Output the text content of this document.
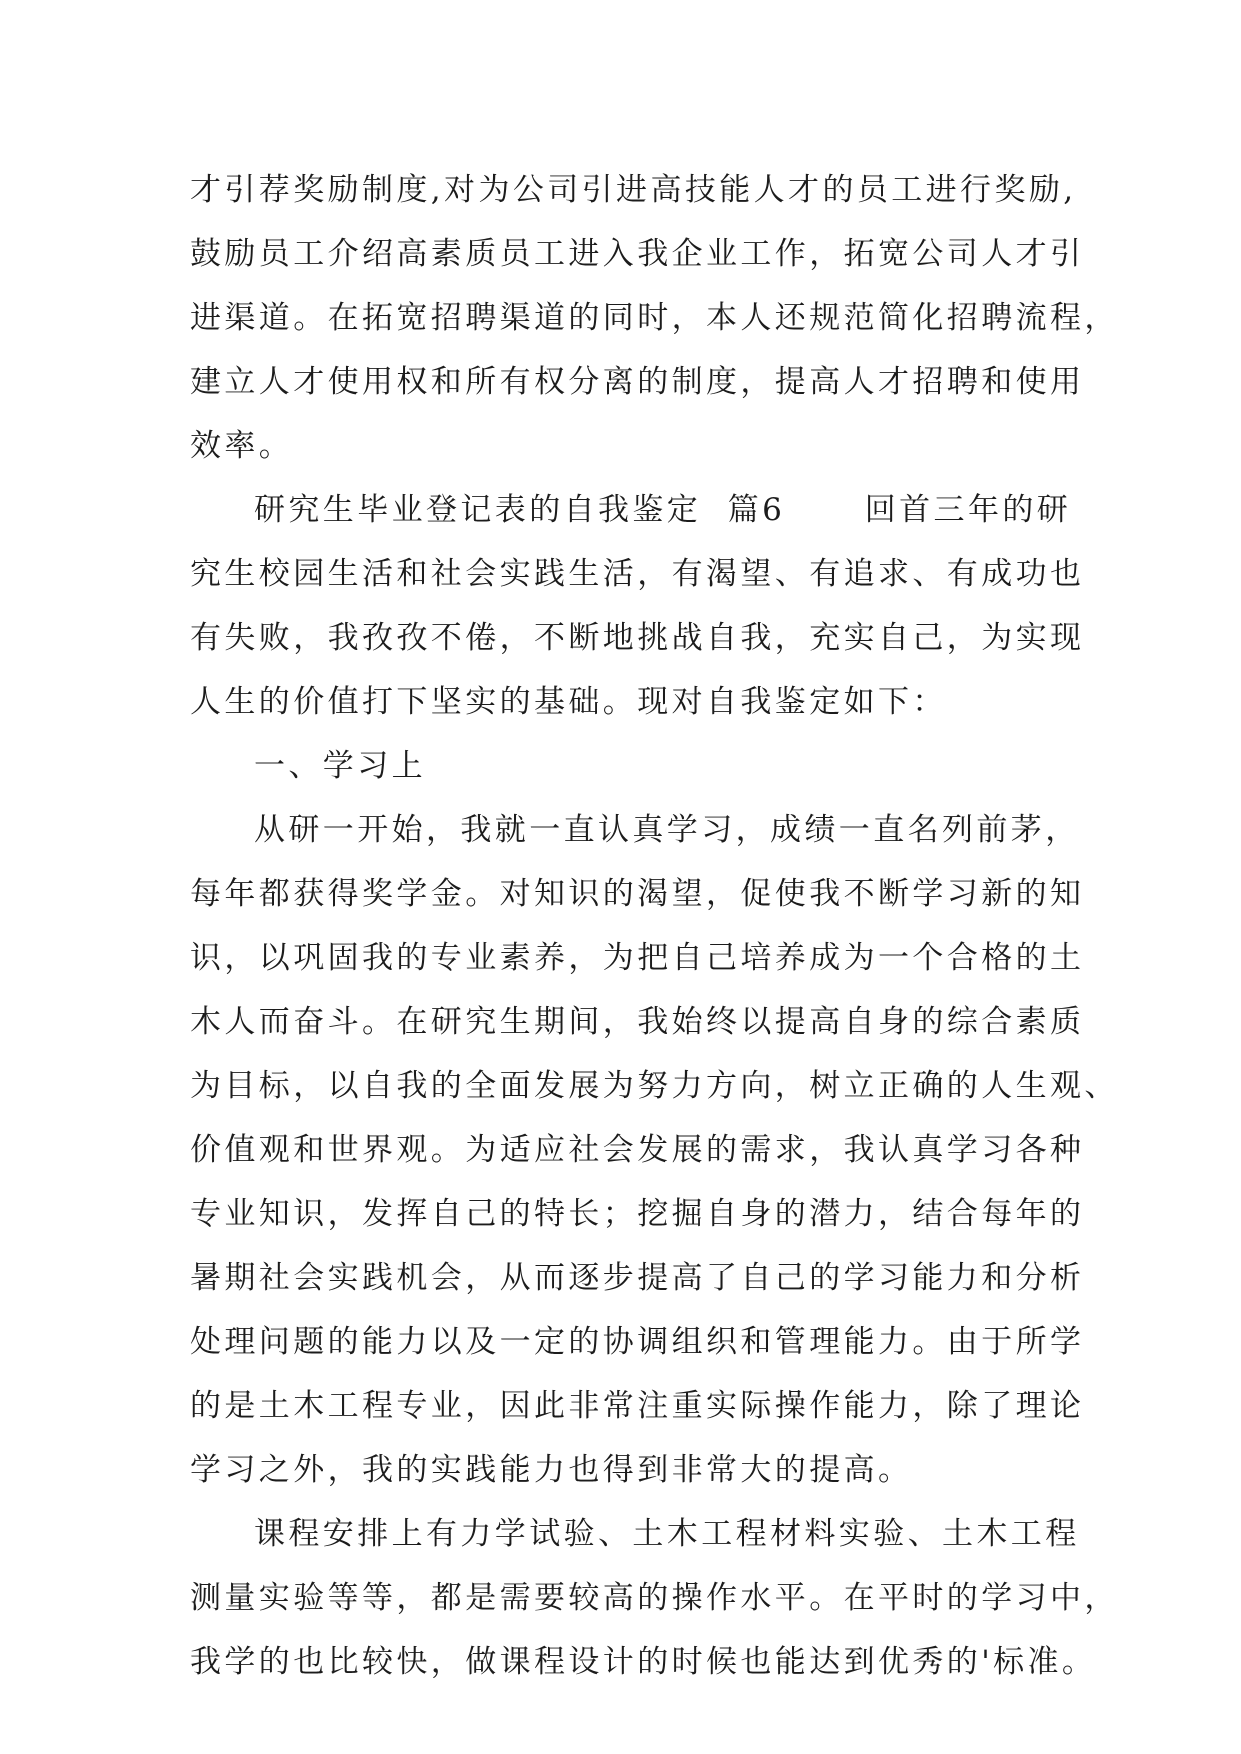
才引荐奖励制度,对为公司引进高技能人才的员工进行奖励,
鼓励员工介绍高素质员工进入我企业工作，拓宽公司人才引
进渠道。在拓宽招聘渠道的同时，本人还规范简化招聘流程，
建立人才使用权和所有权分离的制度，提高人才招聘和使用
效率。
研究生毕业登记表的自我鉴定  篇6      回首三年的研
究生校园生活和社会实践生活，有渴望、有追求、有成功也
有失败，我孜孜不倦，不断地挑战自我，充实自己，为实现
人生的价值打下坚实的基础。现对自我鉴定如下：
一、学习上
从研一开始，我就一直认真学习，成绩一直名列前茅，
每年都获得奖学金。对知识的渴望，促使我不断学习新的知
识，以巩固我的专业素养，为把自己培养成为一个合格的土
木人而奋斗。在研究生期间，我始终以提高自身的综合素质
为目标，以自我的全面发展为努力方向，树立正确的人生观、
价值观和世界观。为适应社会发展的需求，我认真学习各种
专业知识，发挥自己的特长；挖掘自身的潜力，结合每年的
暑期社会实践机会，从而逐步提高了自己的学习能力和分析
处理问题的能力以及一定的协调组织和管理能力。由于所学
的是土木工程专业，因此非常注重实际操作能力，除了理论
学习之外，我的实践能力也得到非常大的提高。
课程安排上有力学试验、土木工程材料实验、土木工程
测量实验等等，都是需要较高的操作水平。在平时的学习中，
我学的也比较快，做课程设计的时候也能达到优秀的'标准。
